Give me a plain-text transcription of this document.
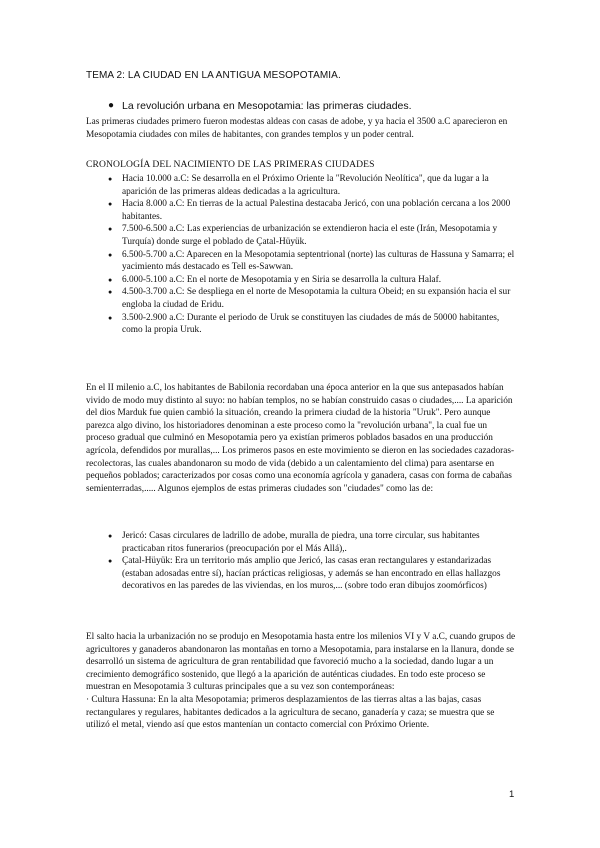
TEMA 2: LA CIUDAD EN LA ANTIGUA MESOPOTAMIA.
● La revolución urbana en Mesopotamia: las primeras ciudades.

Las primeras ciudades primero fueron modestas aldeas con casas de adobe, y ya hacia el 3500 a.C aparecieron en Mesopotamia ciudades con miles de habitantes, con grandes templos y un poder central.

CRONOLOGÍA DEL NACIMIENTO DE LAS PRIMERAS CIUDADES
● Hacia 10.000 a.C: Se desarrolla en el Próximo Oriente la "Revolución Neolítica", que da lugar a la aparición de las primeras aldeas dedicadas a la agricultura.
● Hacia 8.000 a.C: En tierras de la actual Palestina destacaba Jericó, con una población cercana a los 2000 habitantes.
● 7.500-6.500 a.C: Las experiencias de urbanización se extendieron hacia el este (Irán, Mesopotamia y Turquía) donde surge el poblado de Çatal-Hüyük.
● 6.500-5.700 a.C: Aparecen en la Mesopotamia septentrional (norte) las culturas de Hassuna y Samarra; el yacimiento más destacado es Tell es-Sawwan.
● 6.000-5.100 a.C: En el norte de Mesopotamia y en Siria se desarrolla la cultura Halaf.
● 4.500-3.700 a.C: Se despliega en el norte de Mesopotamia la cultura Obeid; en su expansión hacia el sur engloba la ciudad de Eridu.
● 3.500-2.900 a.C: Durante el periodo de Uruk se constituyen las ciudades de más de 50000 habitantes, como la propia Uruk.

En el II milenio a.C, los habitantes de Babilonia recordaban una época anterior en la que sus antepasados habían vivido de modo muy distinto al suyo: no habían templos, no se habían construido casas o ciudades,.... La aparición del dios Marduk fue quien cambió la situación, creando la primera ciudad de la historia "Uruk". Pero aunque parezca algo divino, los historiadores denominan a este proceso como la "revolución urbana", la cual fue un proceso gradual que culminó en Mesopotamia pero ya existían primeros poblados basados en una producción agrícola, defendidos por murallas,... Los primeros pasos en este movimiento se dieron en las sociedades cazadoras-recolectoras, las cuales abandonaron su modo de vida (debido a un calentamiento del clima) para asentarse en pequeños poblados; caracterizados por cosas como una economía agrícola y ganadera, casas con forma de cabañas semienterradas,..... Algunos ejemplos de estas primeras ciudades son "ciudades" como las de:

● Jericó: Casas circulares de ladrillo de adobe, muralla de piedra, una torre circular, sus habitantes practicaban ritos funerarios (preocupación por el Más Allá),.
● Çatal-Hüyük: Era un territorio más amplio que Jericó, las casas eran rectangulares y estandarizadas (estaban adosadas entre sí), hacían prácticas religiosas, y además se han encontrado en ellas hallazgos decorativos en las paredes de las viviendas, en los muros,... (sobre todo eran dibujos zoomórficos)
El salto hacia la urbanización no se produjo en Mesopotamia hasta entre los milenios VI y V a.C, cuando grupos de agricultores y ganaderos abandonaron las montañas en torno a Mesopotamia, para instalarse en la llanura, donde se desarrolló un sistema de agricultura de gran rentabilidad que favoreció mucho a la sociedad, dando lugar a un crecimiento demográfico sostenido, que llegó a la aparición de auténticas ciudades. En todo este proceso se muestran en Mesopotamia 3 culturas principales que a su vez son contemporáneas:
· Cultura Hassuna: En la alta Mesopotamia; primeros desplazamientos de las tierras altas a las bajas, casas rectangulares y regulares, habitantes dedicados a la agricultura de secano, ganadería y caza; se muestra que se utilizó el metal, viendo así que estos mantenían un contacto comercial con Próximo Oriente.
1
